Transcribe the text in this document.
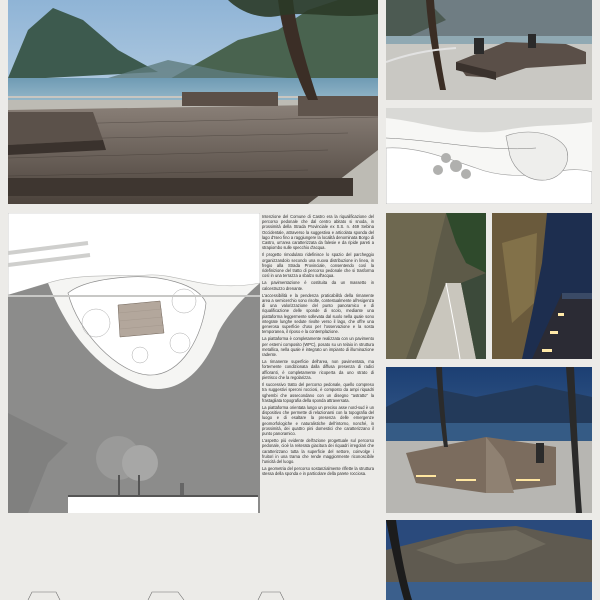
Intenzione del Comune di Castro era la riqualificazione del percorso pedonale che dal centro abitato si snoda, in prossimità della Strada Provinciale ex S.S. n. 469 Sebina Occidentale, attraverso la suggestiva e articolata sponda del lago d'Iseo fino a raggiungere la località denominata Borgo di Castro, un'area caratterizzata da falesie e da ripide pareti a strapiombo sulle specchio d'acqua.

Il progetto rimodulato ridefinisce lo spazio del parcheggio organizzandolo secondo una nuova distribuzione in linea, in fregio alla Strada Provinciale, consentendo così la ridefinizione del tratto di percorso pedonale che si trasforma così in una terrazza a sbalzo sull'acqua.

La pavimentazione è costituita da un massetto in calcestruzzo drenante.

L'accessibilità e la pendenza praticabilità della rimanente area a semicerchio sono risolte, contestualmente all'esigenza di una valorizzazione del punto panoramico e di riqualificazione delle sponde di scolo, mediante una piattaforma leggermente sollevata dal suolo nella quale sono integrate lunghe sedute rivolte verso il lago, che offre una generosa superficie d'uso per l'osservazione e la sosta temporanea, il riposo e la contemplazione.

La piattaforma è completamente realizzata con un pavimento per esterni composito (WPC), posato su un telaio in struttura metallica, nella quale è integrato un impianto di illuminazione radente.

La rimanente superficie dell'area, non pavimentata, ma fortemente condizionata dalla diffusa presenza di radici affioranti, è completamente ricoperta da uno strato di pietrisco che la regolarizza.

Il successivo tratto del percorso pedonale, quello compreso tra suggestivi speroni rocciosi, è composto da ampi riquadri sghembi che assecondano con un disegno "astratto" la frastagliata topografia della sponda attraversata.

La piattaforma orientata lungo un preciso asse nord-sud è un dispositivo che permette di relazionarsi con la topografia del luogo e di esaltare la presenza delle emergenze geomorfologiche e naturalistiche dell'intorno, nonché, in prossimità, dei quattro pini domestici che caratterizzano il punto panoramico.

L'aspetto più evidente dell'azione progettuale sul percorso pedonale, cioè la reiterata giacitura dei riquadri irregolari che caratterizzano tutta la superficie del settore, coinvolge i fruitori in una trama che rende maggiormente riconoscibile l'unicità del luogo.

La geometria del percorso sostanzialmente riflette la struttura stessa della sponda e in particolare della parete rocciosa.
